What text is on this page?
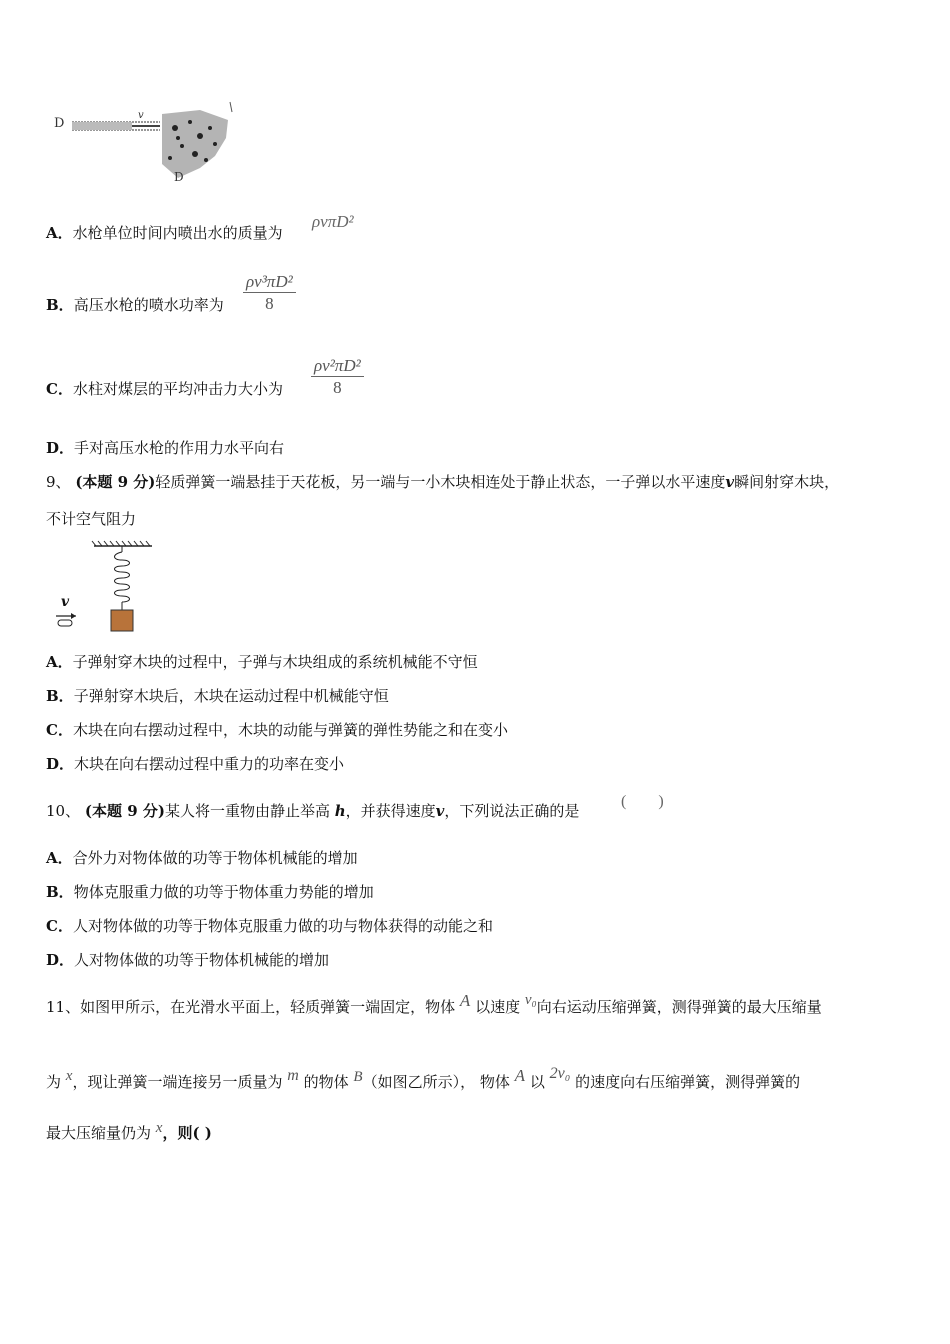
D
v
D
A．水枪单位时间内喷出水的质量为
ρvπD²
B．高压水枪的喷水功率为 $\frac{\text{ρv³πD²}}{8}$
C．水柱对煤层的平均冲击力大小为 $\frac{\text{ρv²πD²}}{8}$
D．手对高压水枪的作用力水平向右
9、 (本题 9 分)轻质弹簧一端悬挂于天花板，另一端与一小木块相连处于静止状态，一子弹以水平速度v瞬间射穿木块，
不计空气阻力
v
A．子弹射穿木块的过程中，子弹与木块组成的系统机械能不守恒
B．子弹射穿木块后，木块在运动过程中机械能守恒
C．木块在向右摆动过程中，木块的动能与弹簧的弹性势能之和在变小
D．木块在向右摆动过程中重力的功率在变小
10、 (本题 9 分)某人将一重物由静止举高 h，并获得速度v，下列说法正确的是
(　　)
A．合外力对物体做的功等于物体机械能的增加
B．物体克服重力做的功等于物体重力势能的增加
C．人对物体做的功等于物体克服重力做的功与物体获得的动能之和
D．人对物体做的功等于物体机械能的增加
11、如图甲所示，在光滑水平面上，轻质弹簧一端固定，物体 A 以速度 v₀向右运动压缩弹簧，测得弹簧的最大压缩量
为 x，现让弹簧一端连接另一质量为 m 的物体 B（如图乙所示）， 物体 A 以 2v₀ 的速度向右压缩弹簧，测得弹簧的
最大压缩量仍为 x，则( )
